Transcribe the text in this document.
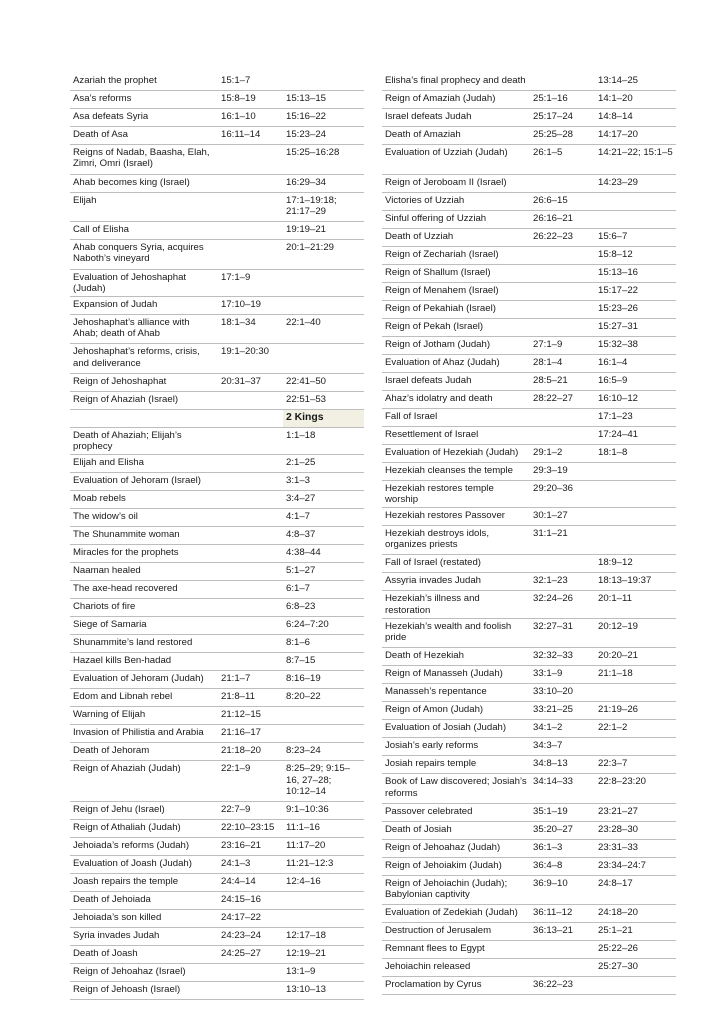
Azariah the prophet	15:1–7	
Asa’s reforms	15:8–19	15:13–15
Asa defeats Syria	16:1–10	15:16–22
Death of Asa	16:11–14	15:23–24
Reigns of Nadab, Baasha, Elah, Zimri, Omri (Israel)		15:25–16:28
Ahab becomes king (Israel)		16:29–34
Elijah		17:1–19:18; 21:17–29
Call of Elisha		19:19–21
Ahab conquers Syria, acquires Naboth’s vineyard		20:1–21:29
Evaluation of Jehoshaphat (Judah)	17:1–9	
Expansion of Judah	17:10–19	
Jehoshaphat’s alliance with Ahab; death of Ahab	18:1–34	22:1–40
Jehoshaphat’s reforms, crisis, and deliverance	19:1–20:30	
Reign of Jehoshaphat	20:31–37	22:41–50
Reign of Ahaziah (Israel)		22:51–53
		2 Kings
Death of Ahaziah; Elijah’s prophecy		1:1–18
Elijah and Elisha		2:1–25
Evaluation of Jehoram (Israel)		3:1–3
Moab rebels		3:4–27
The widow’s oil		4:1–7
The Shunammite woman		4:8–37
Miracles for the prophets		4:38–44
Naaman healed		5:1–27
The axe-head recovered		6:1–7
Chariots of fire		6:8–23
Siege of Samaria		6:24–7:20
Shunammite’s land restored		8:1–6
Hazael kills Ben-hadad		8:7–15
Evaluation of Jehoram (Judah)	21:1–7	8:16–19
Edom and Libnah rebel	21:8–11	8:20–22
Warning of Elijah	21:12–15	
Invasion of Philistia and Arabia	21:16–17	
Death of Jehoram	21:18–20	8:23–24
Reign of Ahaziah (Judah)	22:1–9	8:25–29; 9:15–16, 27–28; 10:12–14
Reign of Jehu (Israel)	22:7–9	9:1–10:36
Reign of Athaliah (Judah)	22:10–23:15	11:1–16
Jehoiada’s reforms (Judah)	23:16–21	11:17–20
Evaluation of Joash (Judah)	24:1–3	11:21–12:3
Joash repairs the temple	24:4–14	12:4–16
Death of Jehoiada	24:15–16	
Jehoiada’s son killed	24:17–22	
Syria invades Judah	24:23–24	12:17–18
Death of Joash	24:25–27	12:19–21
Reign of Jehoahaz (Israel)		13:1–9
Reign of Jehoash (Israel)		13:10–13
Elisha’s final prophecy and death		13:14–25
Reign of Amaziah (Judah)	25:1–16	14:1–20
Israel defeats Judah	25:17–24	14:8–14
Death of Amaziah	25:25–28	14:17–20
Evaluation of Uzziah (Judah)	26:1–5	14:21–22; 15:1–5
Reign of Jeroboam II (Israel)		14:23–29
Victories of Uzziah	26:6–15	
Sinful offering of Uzziah	26:16–21	
Death of Uzziah	26:22–23	15:6–7
Reign of Zechariah (Israel)		15:8–12
Reign of Shallum (Israel)		15:13–16
Reign of Menahem (Israel)		15:17–22
Reign of Pekahiah (Israel)		15:23–26
Reign of Pekah (Israel)		15:27–31
Reign of Jotham (Judah)	27:1–9	15:32–38
Evaluation of Ahaz (Judah)	28:1–4	16:1–4
Israel defeats Judah	28:5–21	16:5–9
Ahaz’s idolatry and death	28:22–27	16:10–12
Fall of Israel		17:1–23
Resettlement of Israel		17:24–41
Evaluation of Hezekiah (Judah)	29:1–2	18:1–8
Hezekiah cleanses the temple	29:3–19	
Hezekiah restores temple worship	29:20–36	
Hezekiah restores Passover	30:1–27	
Hezekiah destroys idols, organizes priests	31:1–21	
Fall of Israel (restated)		18:9–12
Assyria invades Judah	32:1–23	18:13–19:37
Hezekiah’s illness and restoration	32:24–26	20:1–11
Hezekiah’s wealth and foolish pride	32:27–31	20:12–19
Death of Hezekiah	32:32–33	20:20–21
Reign of Manasseh (Judah)	33:1–9	21:1–18
Manasseh’s repentance	33:10–20	
Reign of Amon (Judah)	33:21–25	21:19–26
Evaluation of Josiah (Judah)	34:1–2	22:1–2
Josiah’s early reforms	34:3–7	
Josiah repairs temple	34:8–13	22:3–7
Book of Law discovered; Josiah’s reforms	34:14–33	22:8–23:20
Passover celebrated	35:1–19	23:21–27
Death of Josiah	35:20–27	23:28–30
Reign of Jehoahaz (Judah)	36:1–3	23:31–33
Reign of Jehoiakim (Judah)	36:4–8	23:34–24:7
Reign of Jehoiachin (Judah); Babylonian captivity	36:9–10	24:8–17
Evaluation of Zedekiah (Judah)	36:11–12	24:18–20
Destruction of Jerusalem	36:13–21	25:1–21
Remnant flees to Egypt		25:22–26
Jehoiachin released		25:27–30
Proclamation by Cyrus	36:22–23	
